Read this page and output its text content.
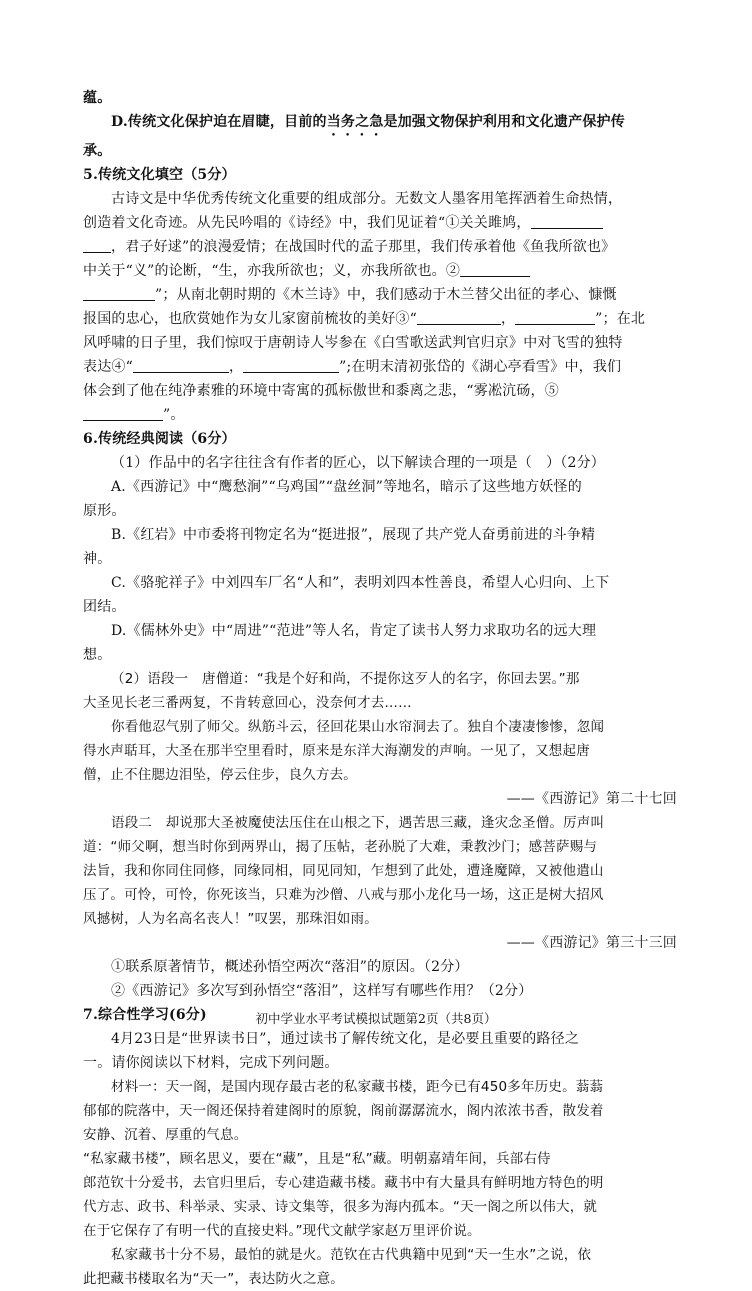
蕴。

D.传统文化保护迫在眉睫，目前的当务之急是加强文物保护利用和文化遗产保护传

承。

5.传统文化填空（5分）

古诗文是中华优秀传统文化重要的组成部分。无数文人墨客用笔挥洒着生命热情，

创造着文化奇迹。从先民吟唱的《诗经》中，我们见证着“①关关雎鸠，

，君子好逑”的浪漫爱情；在战国时代的孟子那里，我们传承着他《鱼我所欲也》

中关于“义”的论断，“生，亦我所欲也；义，亦我所欲也。②

”；从南北朝时期的《木兰诗》中，我们感动于木兰替父出征的孝心、慷慨

报国的忠心，也欣赏她作为女儿家窗前梳妆的美好③“	，	”；在北

风呼啸的日子里，我们惊叹于唐朝诗人岑参在《白雪歌送武判官归京》中对飞雪的独特

表达④“	，	”;在明末清初张岱的《湖心亭看雪》中，我们

体会到了他在纯净素雅的环境中寄寓的孤标傲世和黍离之悲，“雾凇沆砀，⑤

”。

6.传统经典阅读（6分）

（1）作品中的名字往往含有作者的匠心，以下解读合理的一项是（　）（2分）

A.《西游记》中“鹰愁涧”“乌鸡国”“盘丝洞”等地名，暗示了这些地方妖怪的

原形。

B.《红岩》中市委将刊物定名为“挺进报”，展现了共产党人奋勇前进的斗争精

神。

C.《骆驼祥子》中刘四车厂名“人和”，表明刘四本性善良，希望人心归向、上下

团结。

D.《儒林外史》中“周进”“范进”等人名，肯定了读书人努力求取功名的远大理

想。

（2）语段一　唐僧道：“我是个好和尚，不提你这歹人的名字，你回去罢。”那

大圣见长老三番两复，不肯转意回心，没奈何才去……

你看他忍气别了师父。纵筋斗云，径回花果山水帘洞去了。独自个凄凄惨惨，忽闻

得水声聒耳，大圣在那半空里看时，原来是东洋大海潮发的声响。一见了，又想起唐

僧，止不住腮边泪坠，停云住步，良久方去。

——《西游记》第二十七回

语段二　却说那大圣被魔使法压住在山根之下，遇苦思三藏，逢灾念圣僧。厉声叫

道：“师父啊，想当时你到两界山，揭了压帖，老孙脱了大难，秉教沙门；感菩萨赐与

法旨，我和你同住同修，同缘同相，同见同知，乍想到了此处，遭逢魔障，又被他遣山

压了。可怜，可怜，你死该当，只难为沙僧、八戒与那小龙化马一场，这正是树大招风

风撼树，人为名高名丧人！”叹罢，那珠泪如雨。

——《西游记》第三十三回

①联系原著情节，概述孙悟空两次“落泪”的原因。（2分）

②《西游记》多次写到孙悟空“落泪”，这样写有哪些作用？（2分）

7.综合性学习(6分)

4月23日是“世界读书日”，通过读书了解传统文化，是必要且重要的路径之

一。请你阅读以下材料，完成下列问题。

材料一：天一阁，是国内现存最古老的私家藏书楼，距今已有450多年历史。蓊蓊

郁郁的院落中，天一阁还保持着建阁时的原貌，阁前潺潺流水，阁内浓浓书香，散发着

安静、沉着、厚重的气息。

“私家藏书楼”，顾名思义，要在“藏”，且是“私”藏。明朝嘉靖年间，兵部右侍

郎范钦十分爱书，去官归里后，专心建造藏书楼。藏书中有大量具有鲜明地方特色的明

代方志、政书、科举录、实录、诗文集等，很多为海内孤本。“天一阁之所以伟大，就

在于它保存了有明一代的直接史料。”现代文献学家赵万里评价说。

私家藏书十分不易，最怕的就是火。范钦在古代典籍中见到“天一生水”之说，依

此把藏书楼取名为“天一”，表达防火之意。

初中学业水平考试模拟试题第2页（共8页）
